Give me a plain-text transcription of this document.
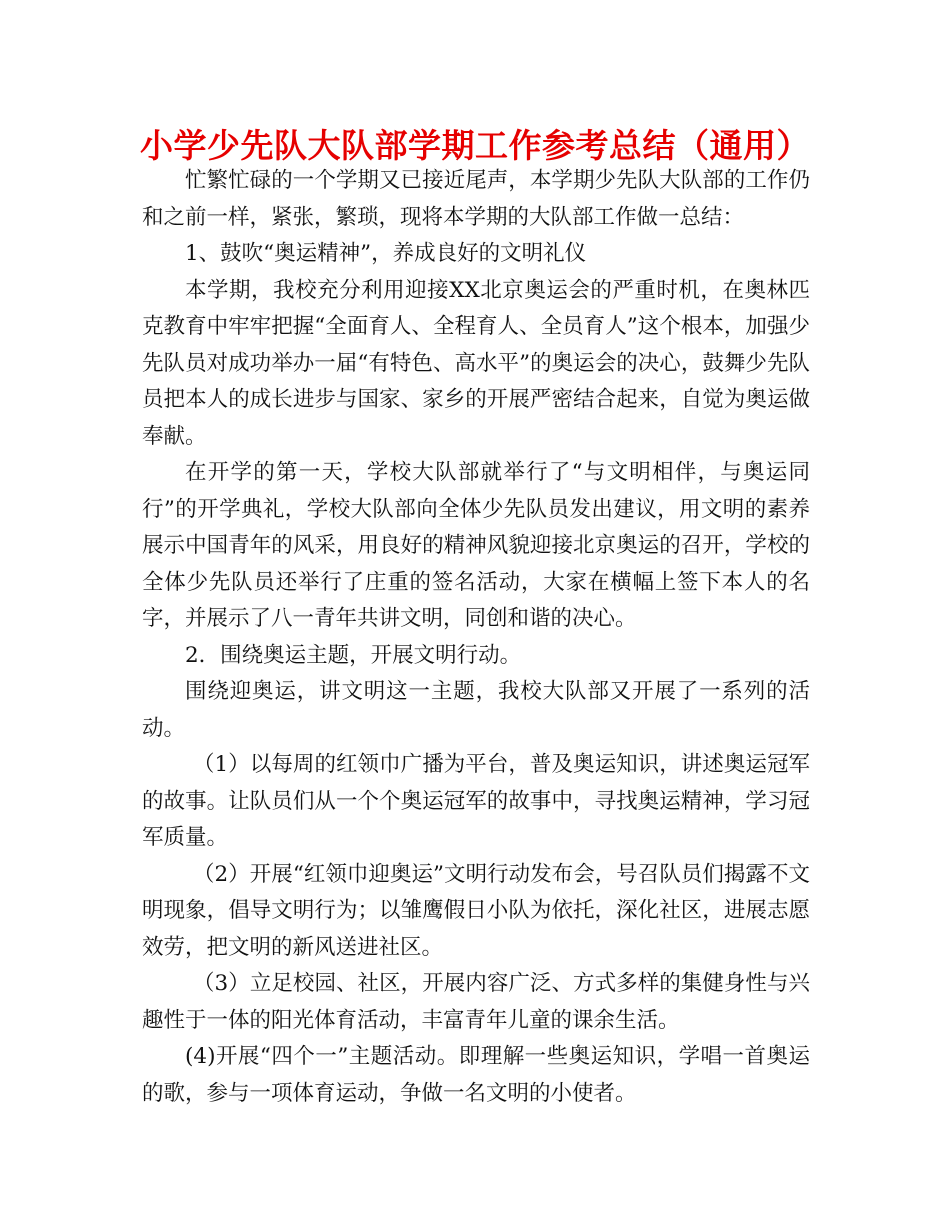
小学少先队大队部学期工作参考总结（通用）

忙繁忙碌的一个学期又已接近尾声，本学期少先队大队部的工作仍和之前一样，紧张，繁琐，现将本学期的大队部工作做一总结：

1、鼓吹“奥运精神”，养成良好的文明礼仪

本学期，我校充分利用迎接XX北京奥运会的严重时机，在奥林匹克教育中牢牢把握“全面育人、全程育人、全员育人”这个根本，加强少先队员对成功举办一届“有特色、高水平”的奥运会的决心，鼓舞少先队员把本人的成长进步与国家、家乡的开展严密结合起来，自觉为奥运做奉献。

在开学的第一天，学校大队部就举行了“与文明相伴，与奥运同行”的开学典礼，学校大队部向全体少先队员发出建议，用文明的素养展示中国青年的风采，用良好的精神风貌迎接北京奥运的召开，学校的全体少先队员还举行了庄重的签名活动，大家在横幅上签下本人的名字，并展示了八一青年共讲文明，同创和谐的决心。

2．围绕奥运主题，开展文明行动。

围绕迎奥运，讲文明这一主题，我校大队部又开展了一系列的活动。

（1）以每周的红领巾广播为平台，普及奥运知识，讲述奥运冠军的故事。让队员们从一个个奥运冠军的故事中，寻找奥运精神，学习冠军质量。

（2）开展“红领巾迎奥运”文明行动发布会，号召队员们揭露不文明现象，倡导文明行为；以雏鹰假日小队为依托，深化社区，进展志愿效劳，把文明的新风送进社区。

（3）立足校园、社区，开展内容广泛、方式多样的集健身性与兴趣性于一体的阳光体育活动，丰富青年儿童的课余生活。

(4)开展“四个一”主题活动。即理解一些奥运知识，学唱一首奥运的歌，参与一项体育运动，争做一名文明的小使者。
